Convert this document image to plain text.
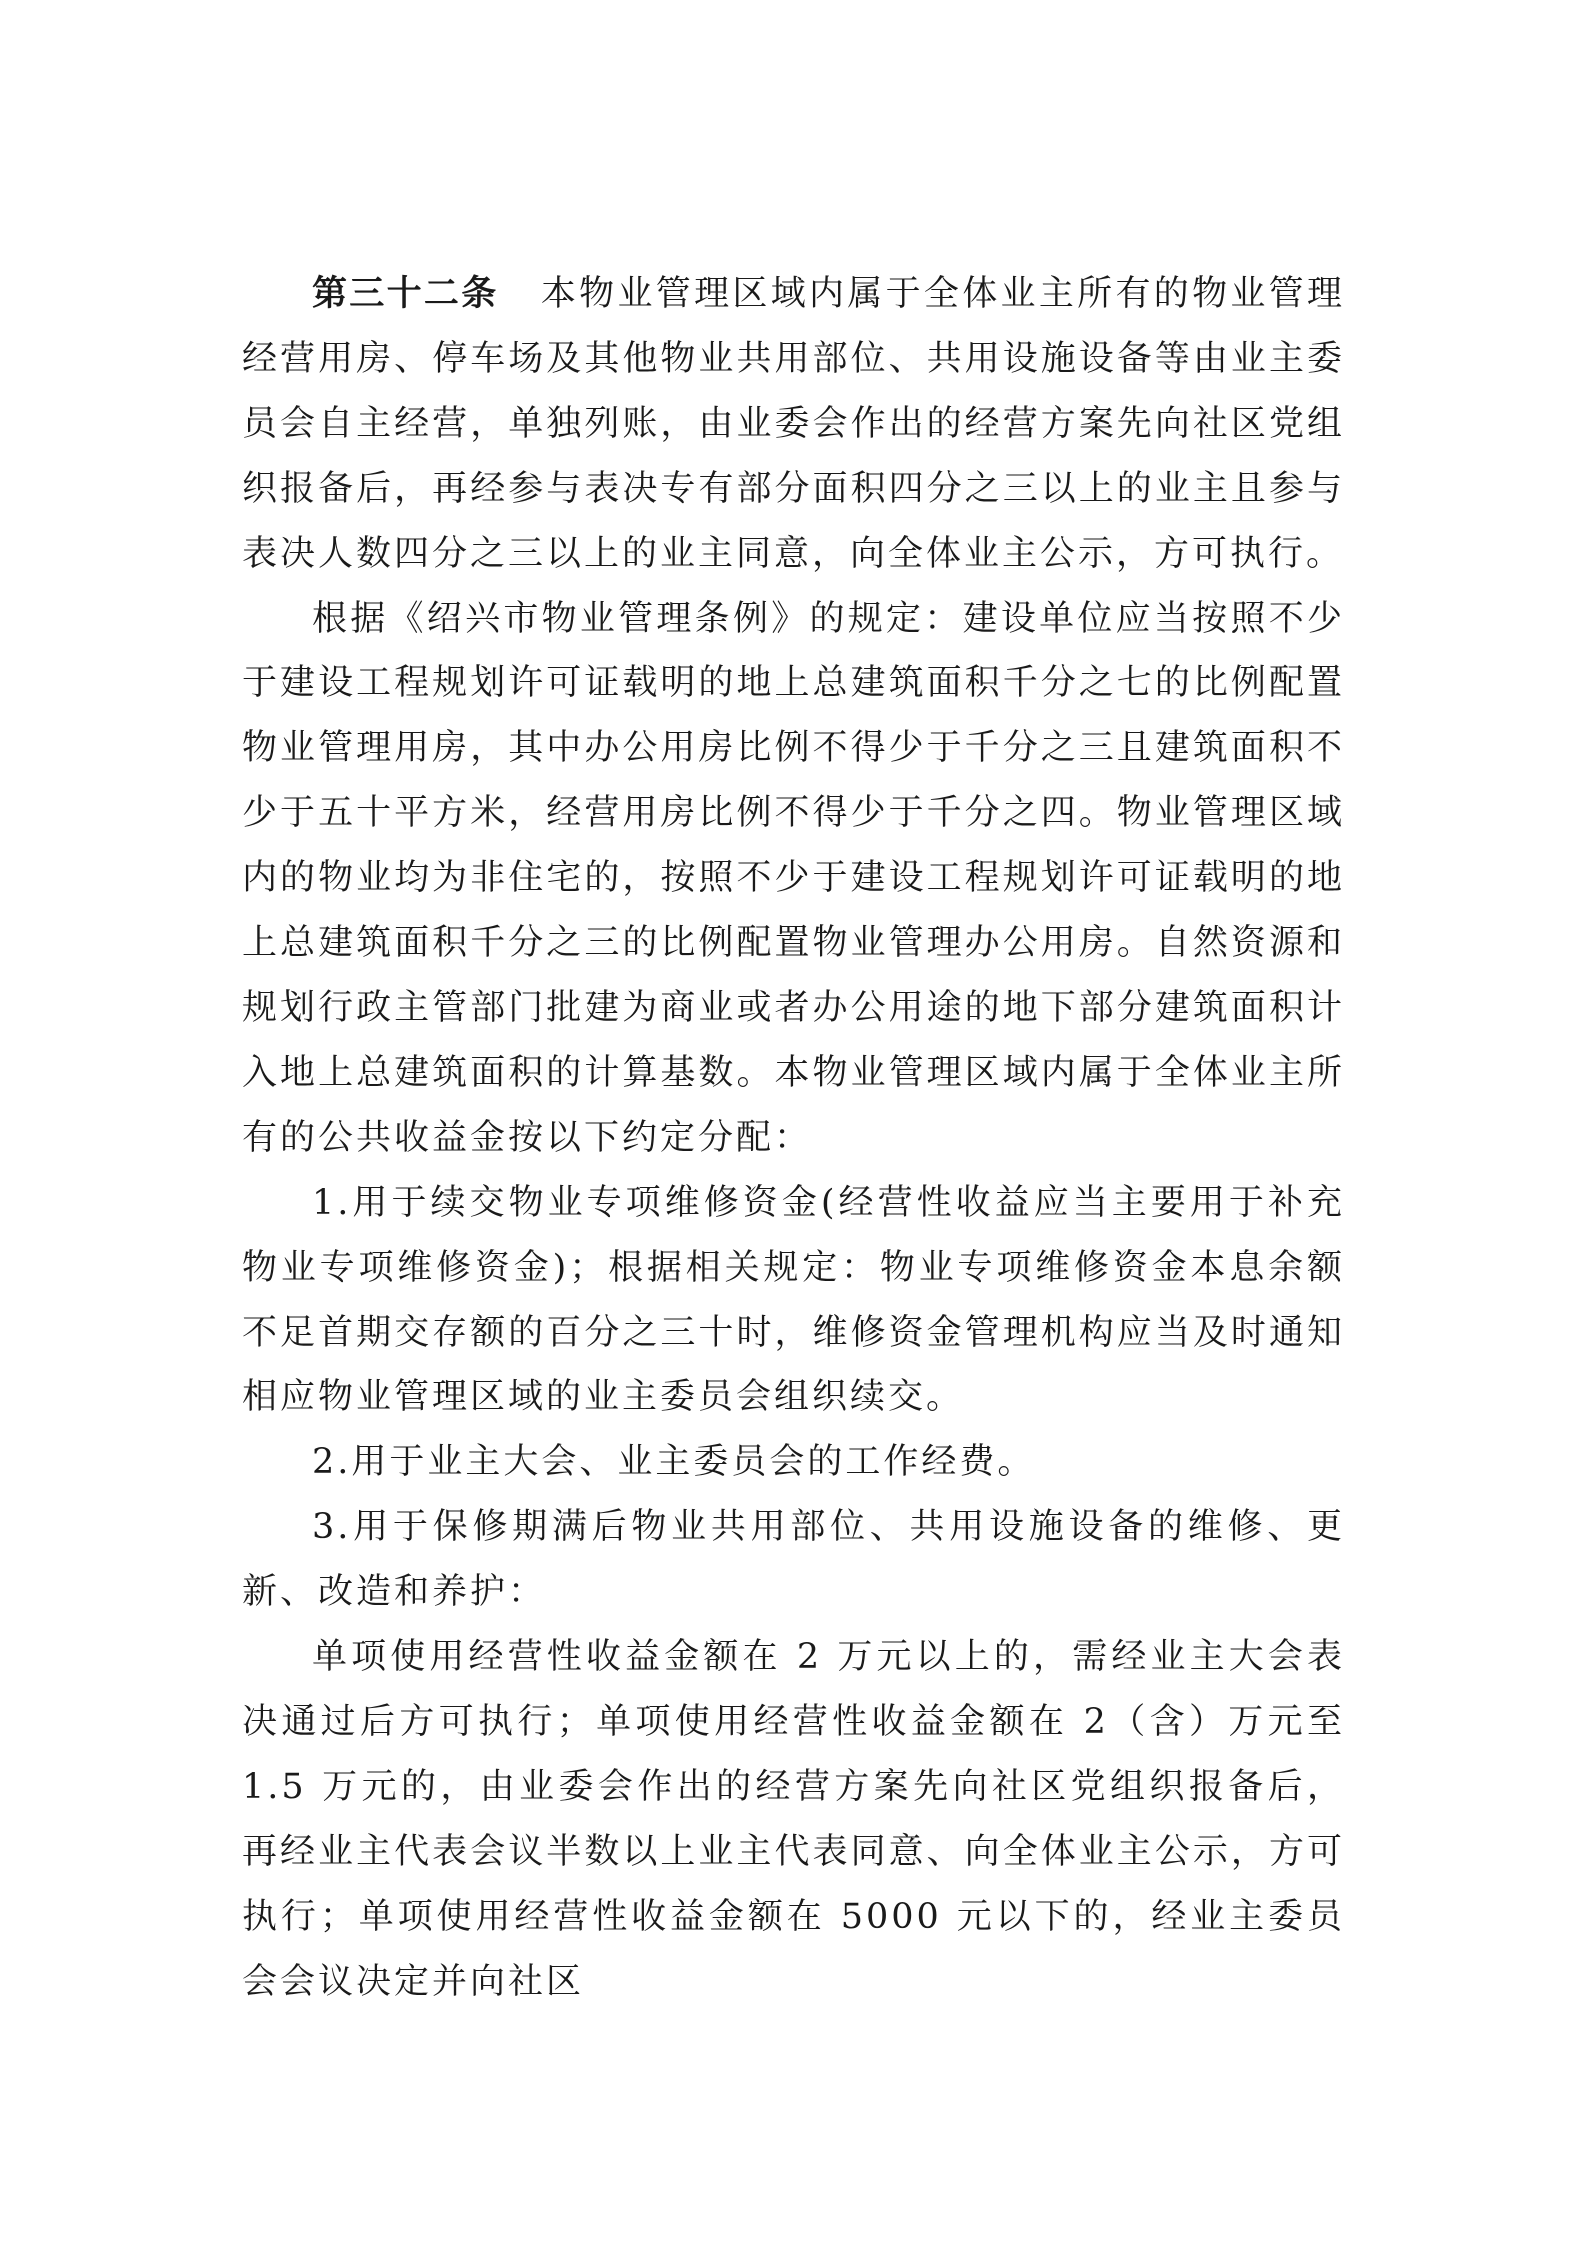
第三十二条 本物业管理区域内属于全体业主所有的物业管理经营用房、停车场及其他物业共用部位、共用设施设备等由业主委员会自主经营，单独列账，由业委会作出的经营方案先向社区党组织报备后，再经参与表决专有部分面积四分之三以上的业主且参与表决人数四分之三以上的业主同意，向全体业主公示，方可执行。

根据《绍兴市物业管理条例》的规定：建设单位应当按照不少于建设工程规划许可证载明的地上总建筑面积千分之七的比例配置物业管理用房，其中办公用房比例不得少于千分之三且建筑面积不少于五十平方米，经营用房比例不得少于千分之四。物业管理区域内的物业均为非住宅的，按照不少于建设工程规划许可证载明的地上总建筑面积千分之三的比例配置物业管理办公用房。自然资源和规划行政主管部门批建为商业或者办公用途的地下部分建筑面积计入地上总建筑面积的计算基数。本物业管理区域内属于全体业主所有的公共收益金按以下约定分配：

1.用于续交物业专项维修资金(经营性收益应当主要用于补充物业专项维修资金)；根据相关规定：物业专项维修资金本息余额不足首期交存额的百分之三十时，维修资金管理机构应当及时通知相应物业管理区域的业主委员会组织续交。

2.用于业主大会、业主委员会的工作经费。

3.用于保修期满后物业共用部位、共用设施设备的维修、更新、改造和养护：

单项使用经营性收益金额在 2 万元以上的，需经业主大会表决通过后方可执行；单项使用经营性收益金额在 2（含）万元至 1.5 万元的，由业委会作出的经营方案先向社区党组织报备后，再经业主代表会议半数以上业主代表同意、向全体业主公示，方可执行；单项使用经营性收益金额在 5000 元以下的，经业主委员会会议决定并向社区
